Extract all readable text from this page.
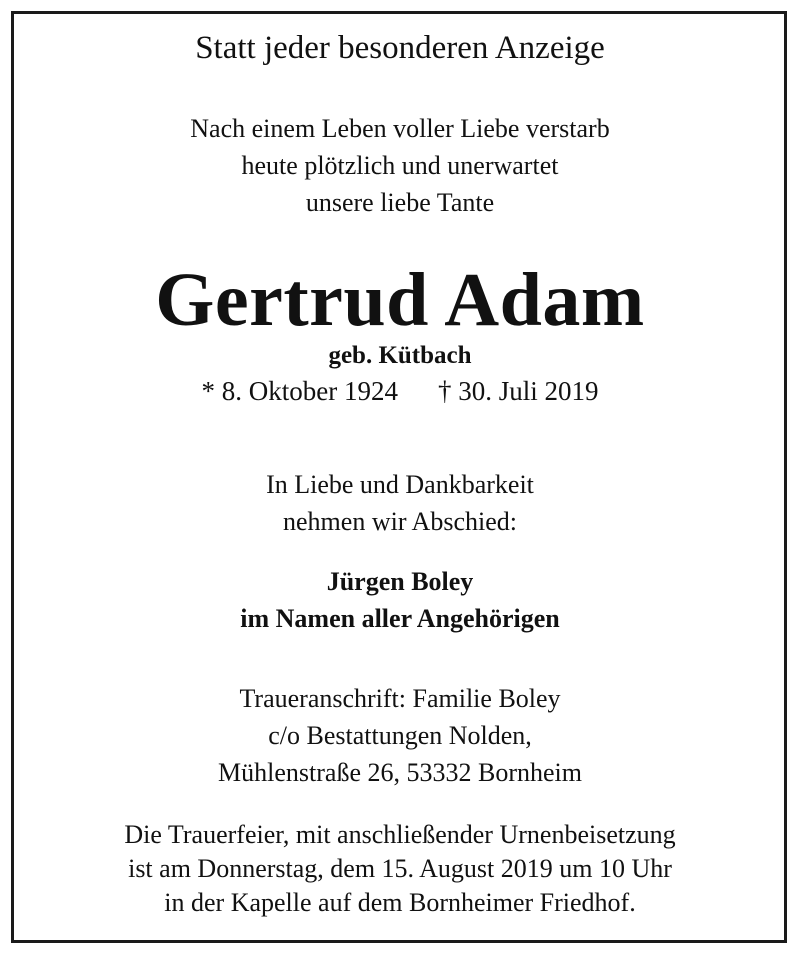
Statt jeder besonderen Anzeige
Nach einem Leben voller Liebe verstarb
heute plötzlich und unerwartet
unsere liebe Tante
Gertrud Adam
geb. Kütbach
* 8. Oktober 1924 † 30. Juli 2019
In Liebe und Dankbarkeit
nehmen wir Abschied:
Jürgen Boley
im Namen aller Angehörigen
Traueranschrift: Familie Boley
c/o Bestattungen Nolden,
Mühlenstraße 26, 53332 Bornheim
Die Trauerfeier, mit anschließender Urnenbeisetzung
ist am Donnerstag, dem 15. August 2019 um 10 Uhr
in der Kapelle auf dem Bornheimer Friedhof.
